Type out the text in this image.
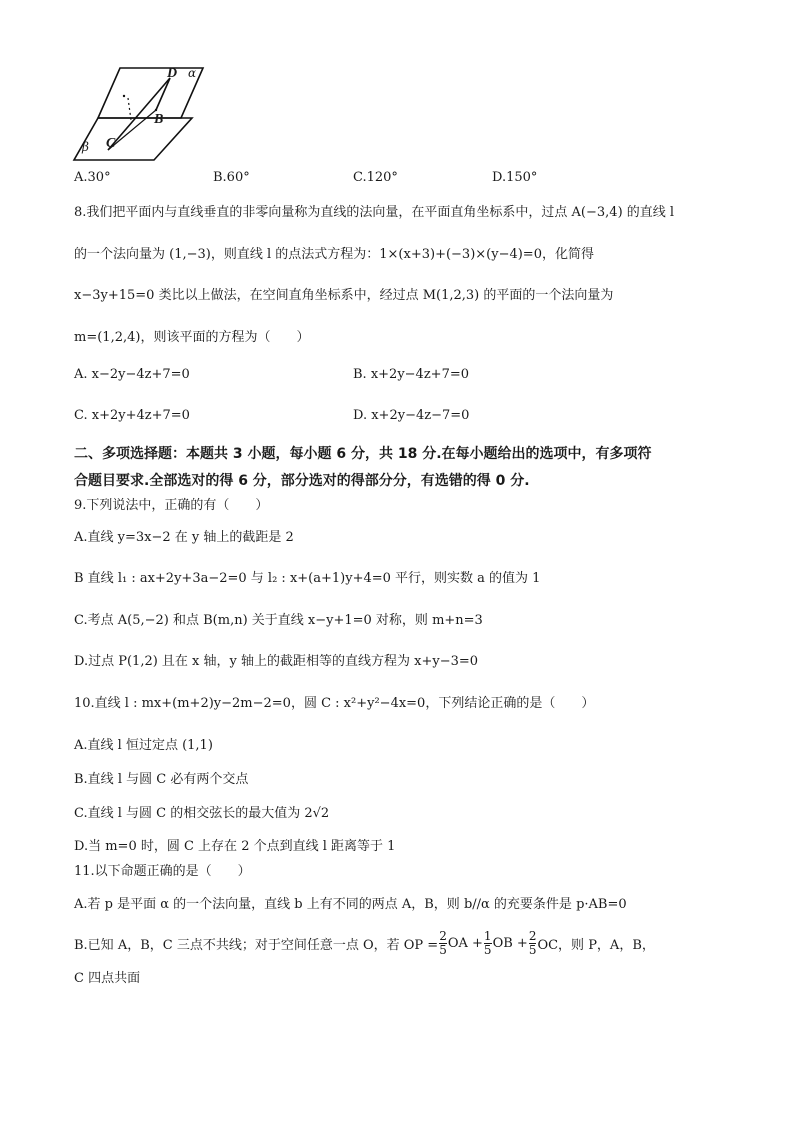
D α
B
β C
A.30°	B.60°	C.120°	D.150°
8.我们把平面内与直线垂直的非零向量称为直线的法向量，在平面直角坐标系中，过点 A(−3,4) 的直线 l
的一个法向量为 (1,−3)，则直线 l 的点法式方程为：1×(x+3)+(−3)×(y−4)=0，化简得
x−3y+15=0 类比以上做法，在空间直角坐标系中，经过点 M(1,2,3) 的平面的一个法向量为
m=(1,2,4)，则该平面的方程为（　　）
A. x−2y−4z+7=0	B. x+2y−4z+7=0
C. x+2y+4z+7=0	D. x+2y−4z−7=0
二、多项选择题：本题共 3 小题，每小题 6 分，共 18 分.在每小题给出的选项中，有多项符
合题目要求.全部选对的得 6 分，部分选对的得部分分，有选错的得 0 分.
9.下列说法中，正确的有（　　）
A.直线 y=3x−2 在 y 轴上的截距是 2
B 直线 l₁ : ax+2y+3a−2=0 与 l₂ : x+(a+1)y+4=0 平行，则实数 a 的值为 1
C.考点 A(5,−2) 和点 B(m,n) 关于直线 x−y+1=0 对称，则 m+n=3
D.过点 P(1,2) 且在 x 轴，y 轴上的截距相等的直线方程为 x+y−3=0
10.直线 l : mx+(m+2)y−2m−2=0，圆 C : x²+y²−4x=0，下列结论正确的是（　　）
A.直线 l 恒过定点 (1,1)
B.直线 l 与圆 C 必有两个交点
C.直线 l 与圆 C 的相交弦长的最大值为 2√2
D.当 m=0 时，圆 C 上存在 2 个点到直线 l 距离等于 1
11.以下命题正确的是（　　）
A.若 p 是平面 α 的一个法向量，直线 b 上有不同的两点 A，B，则 b//α 的充要条件是 p·AB=0
B.已知 A，B，C 三点不共线；对于空间任意一点 O，若 OP = $\frac{2}{5}$ OA + $\frac{1}{5}$ OB + $\frac{2}{5}$ OC，则 P，A，B，
C 四点共面
